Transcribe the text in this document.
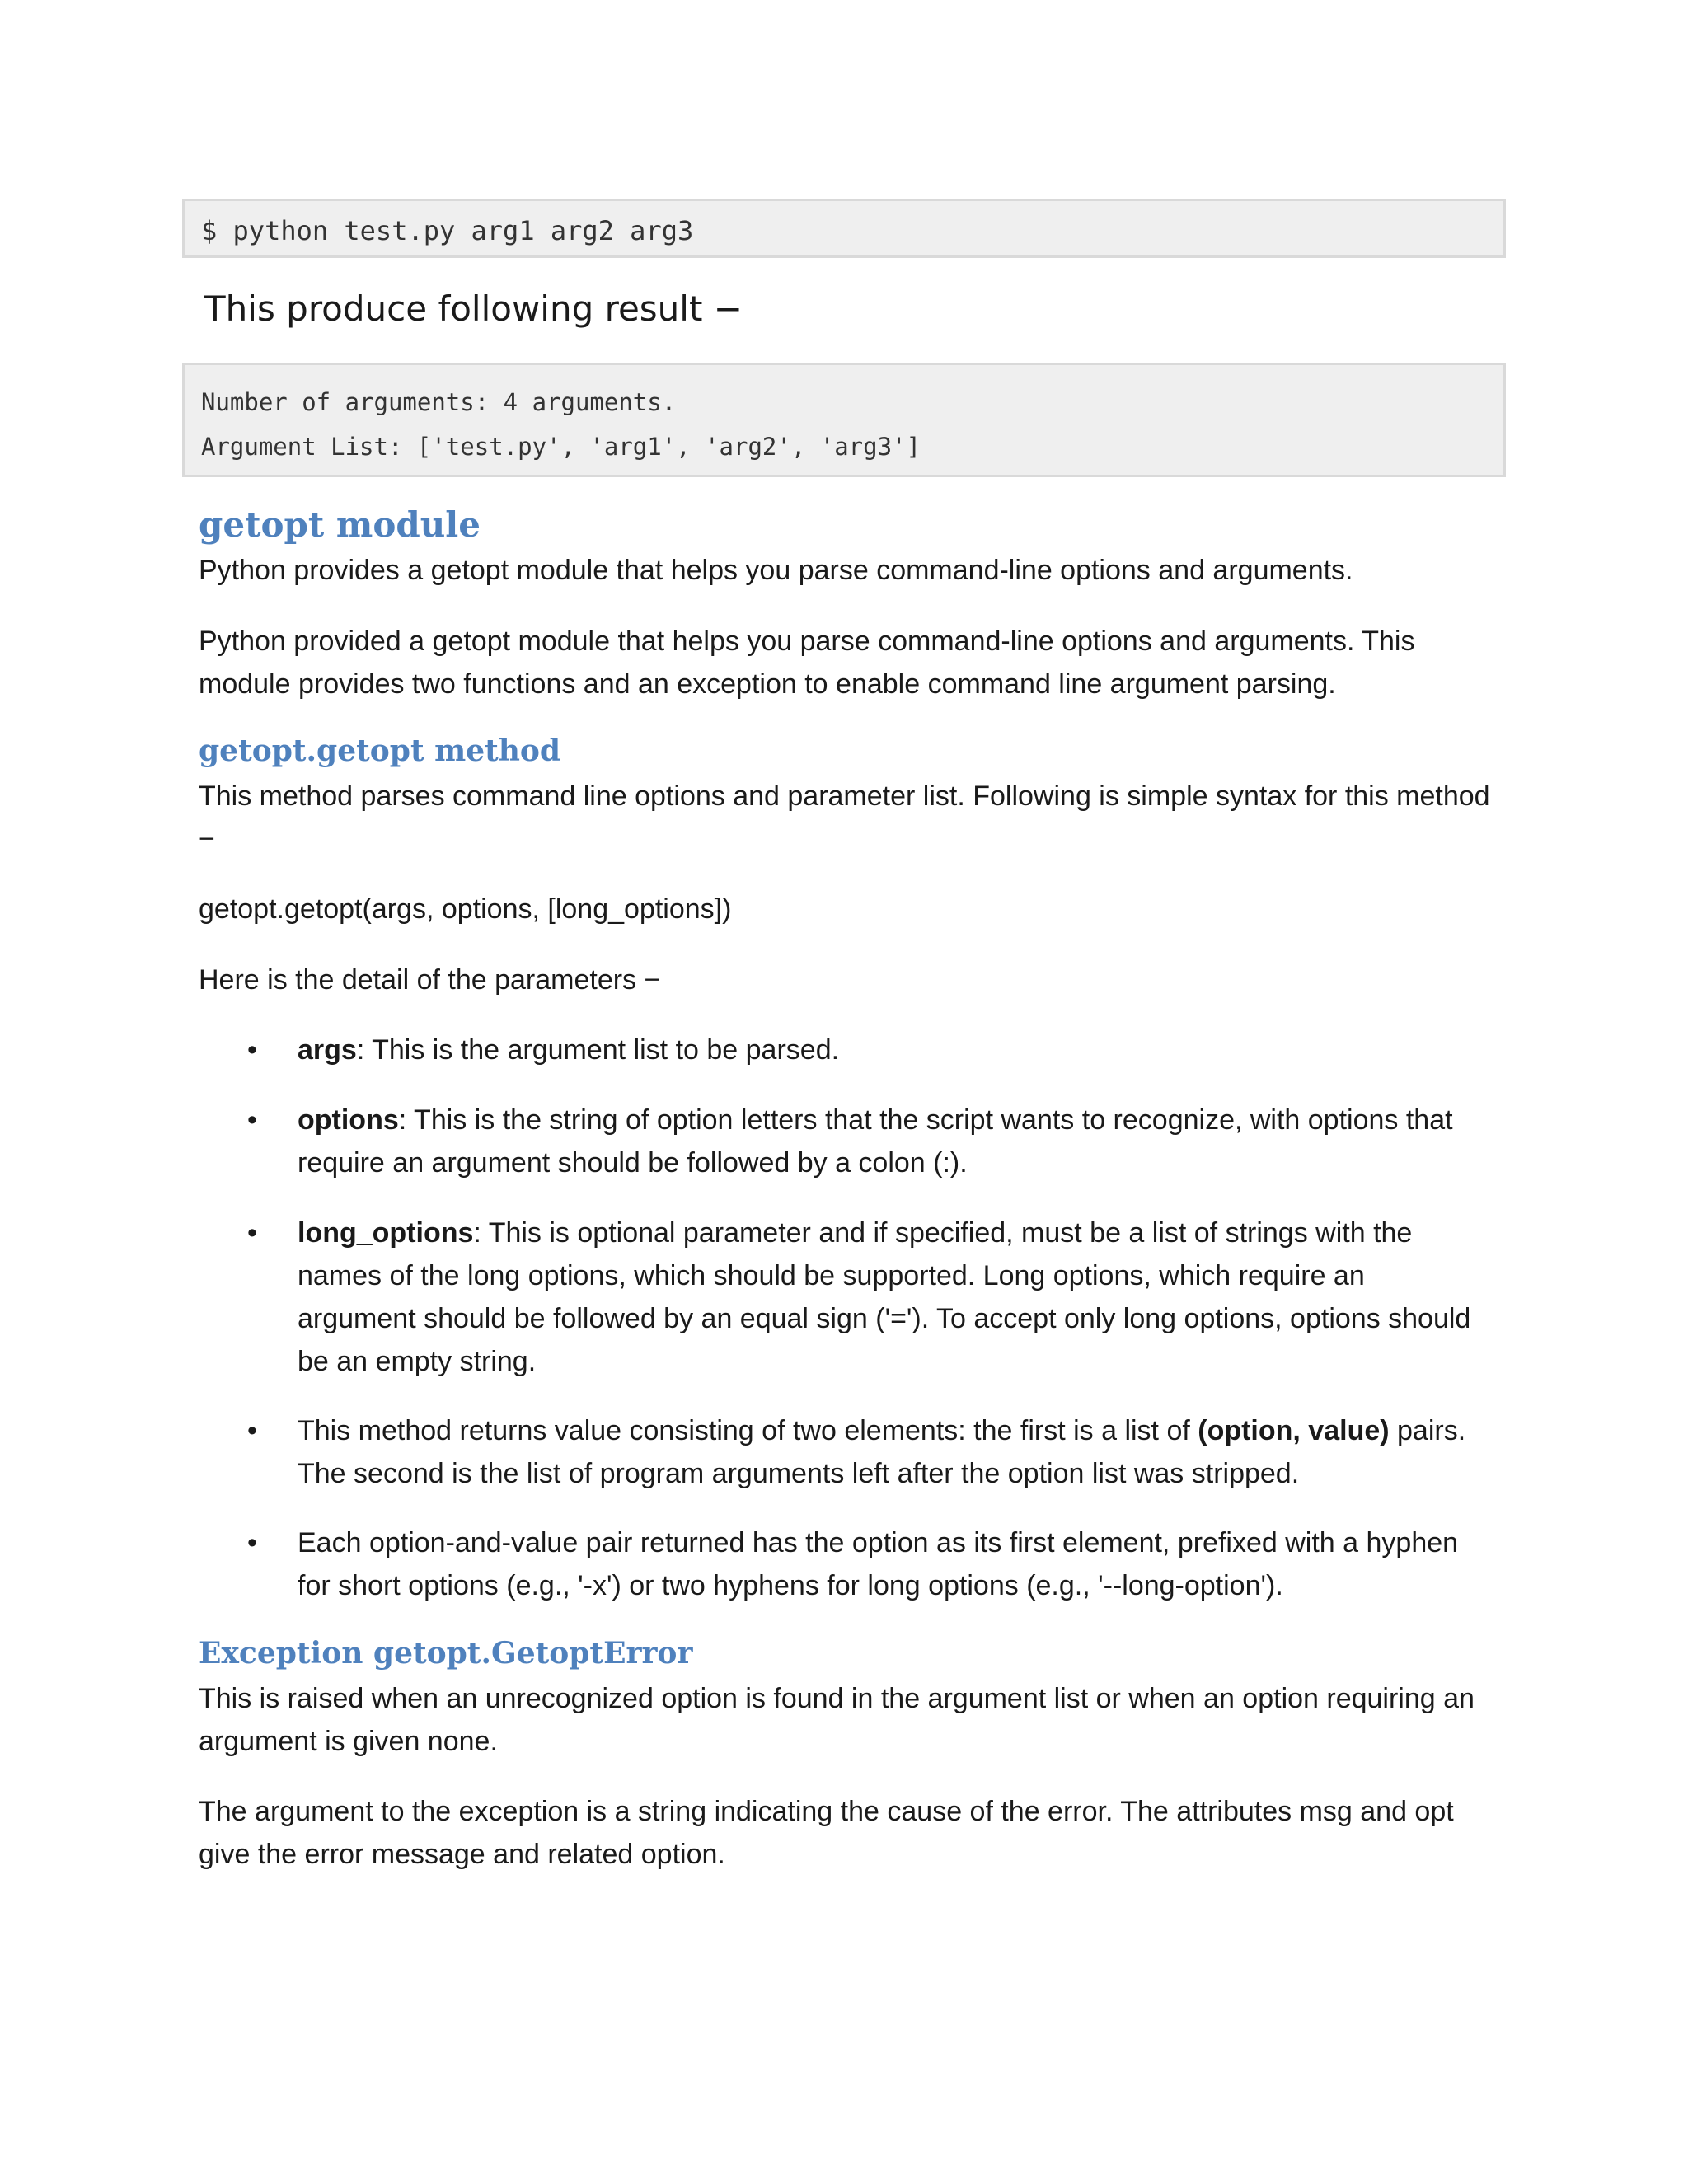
$ python test.py arg1 arg2 arg3
This produce following result −
Number of arguments: 4 arguments.
Argument List: ['test.py', 'arg1', 'arg2', 'arg3']
getopt module
Python provides a getopt module that helps you parse command-line options and arguments.
Python provided a getopt module that helps you parse command-line options and arguments. This module provides two functions and an exception to enable command line argument parsing.
getopt.getopt method
This method parses command line options and parameter list. Following is simple syntax for this method −
getopt.getopt(args, options, [long_options])
Here is the detail of the parameters −
• args: This is the argument list to be parsed.
• options: This is the string of option letters that the script wants to recognize, with options that require an argument should be followed by a colon (:).
• long_options: This is optional parameter and if specified, must be a list of strings with the names of the long options, which should be supported. Long options, which require an argument should be followed by an equal sign ('='). To accept only long options, options should be an empty string.
• This method returns value consisting of two elements: the first is a list of (option, value) pairs. The second is the list of program arguments left after the option list was stripped.
• Each option-and-value pair returned has the option as its first element, prefixed with a hyphen for short options (e.g., '-x') or two hyphens for long options (e.g., '--long-option').
Exception getopt.GetoptError
This is raised when an unrecognized option is found in the argument list or when an option requiring an argument is given none.
The argument to the exception is a string indicating the cause of the error. The attributes msg and opt give the error message and related option.
